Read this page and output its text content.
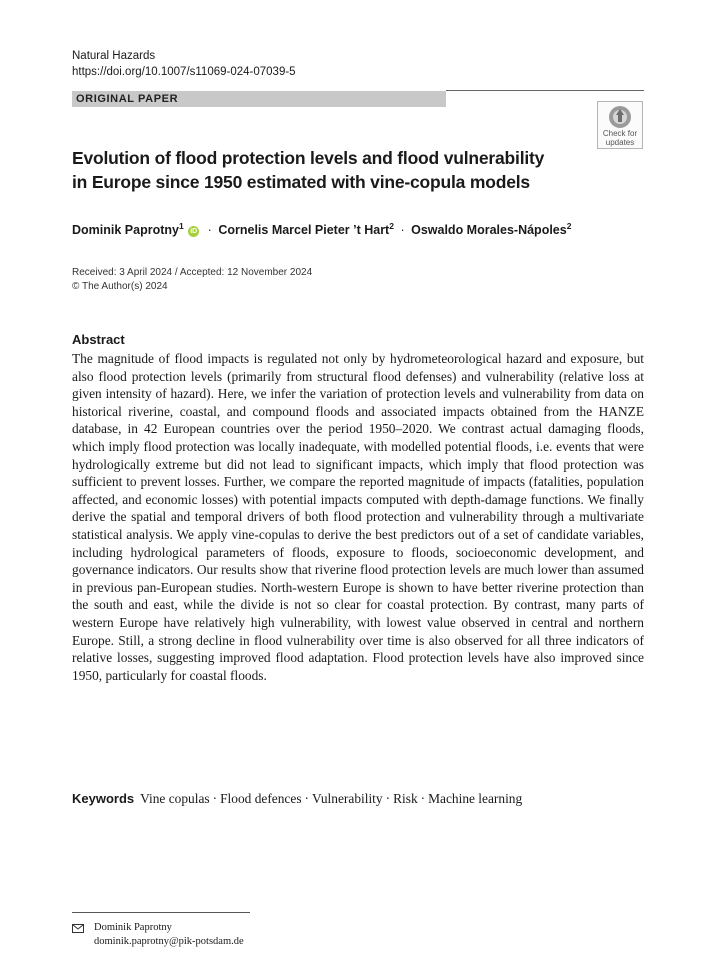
Natural Hazards
https://doi.org/10.1007/s11069-024-07039-5
ORIGINAL PAPER
Check for
updates
Evolution of flood protection levels and flood vulnerability
in Europe since 1950 estimated with vine-copula models
Dominik Paprotny$^1$ iD · Cornelis Marcel Pieter ’t Hart$^2$ · Oswaldo Morales-Nápoles$^2$
Received: 3 April 2024 / Accepted: 12 November 2024
© The Author(s) 2024
Abstract

The magnitude of flood impacts is regulated not only by hydrometeorological hazard and exposure, but also flood protection levels (primarily from structural flood defenses) and vulnerability (relative loss at given intensity of hazard). Here, we infer the variation of protection levels and vulnerability from data on historical riverine, coastal, and compound floods and associated impacts obtained from the HANZE database, in 42 European countries over the period 1950–2020. We contrast actual damaging floods, which imply flood protection was locally inadequate, with modelled potential floods, i.e. events that were hydrologically extreme but did not lead to significant impacts, which imply that flood protection was sufficient to prevent losses. Further, we compare the reported magnitude of impacts (fatalities, population affected, and economic losses) with potential impacts computed with depth-damage functions. We finally derive the spatial and temporal drivers of both flood protection and vulnerability through a multivariate statistical analysis. We apply vine-copulas to derive the best predictors out of a set of candidate variables, including hydrological parameters of floods, exposure to floods, socioeconomic development, and governance indicators. Our results show that riverine flood protection levels are much lower than assumed in previous pan-European studies. North-western Europe is shown to have better riverine protection than the south and east, while the divide is not so clear for coastal protection. By contrast, many parts of western Europe have relatively high vulnerability, with lowest value observed in central and northern Europe. Still, a strong decline in flood vulnerability over time is also observed for all three indicators of relative losses, suggesting improved flood adaptation. Flood protection levels have also improved since 1950, particularly for coastal floods.

Keywords Vine copulas · Flood defences · Vulnerability · Risk · Machine learning
Dominik Paprotny
dominik.paprotny@pik-potsdam.de
